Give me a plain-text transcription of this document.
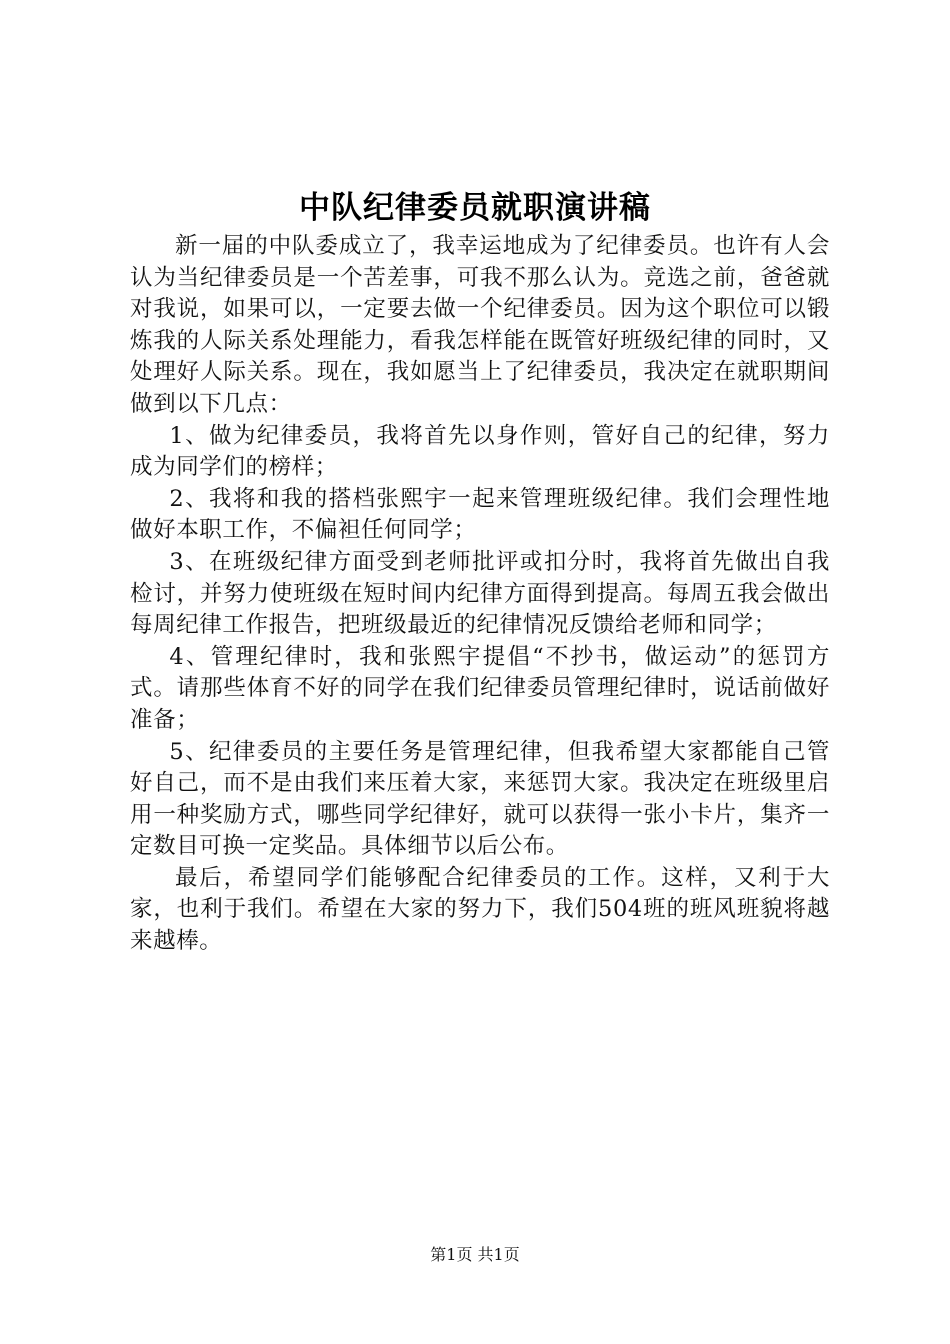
中队纪律委员就职演讲稿

新一届的中队委成立了，我幸运地成为了纪律委员。也许有人会认为当纪律委员是一个苦差事，可我不那么认为。竞选之前，爸爸就对我说，如果可以，一定要去做一个纪律委员。因为这个职位可以锻炼我的人际关系处理能力，看我怎样能在既管好班级纪律的同时，又处理好人际关系。现在，我如愿当上了纪律委员，我决定在就职期间做到以下几点：

1、做为纪律委员，我将首先以身作则，管好自己的纪律，努力成为同学们的榜样；

2、我将和我的搭档张熙宇一起来管理班级纪律。我们会理性地做好本职工作，不偏袒任何同学；

3、在班级纪律方面受到老师批评或扣分时，我将首先做出自我检讨，并努力使班级在短时间内纪律方面得到提高。每周五我会做出每周纪律工作报告，把班级最近的纪律情况反馈给老师和同学；

4、管理纪律时，我和张熙宇提倡“不抄书，做运动”的惩罚方式。请那些体育不好的同学在我们纪律委员管理纪律时，说话前做好准备；

5、纪律委员的主要任务是管理纪律，但我希望大家都能自己管好自己，而不是由我们来压着大家，来惩罚大家。我决定在班级里启用一种奖励方式，哪些同学纪律好，就可以获得一张小卡片，集齐一定数目可换一定奖品。具体细节以后公布。

最后，希望同学们能够配合纪律委员的工作。这样，又利于大家，也利于我们。希望在大家的努力下，我们504班的班风班貌将越来越棒。

第1页 共1页
